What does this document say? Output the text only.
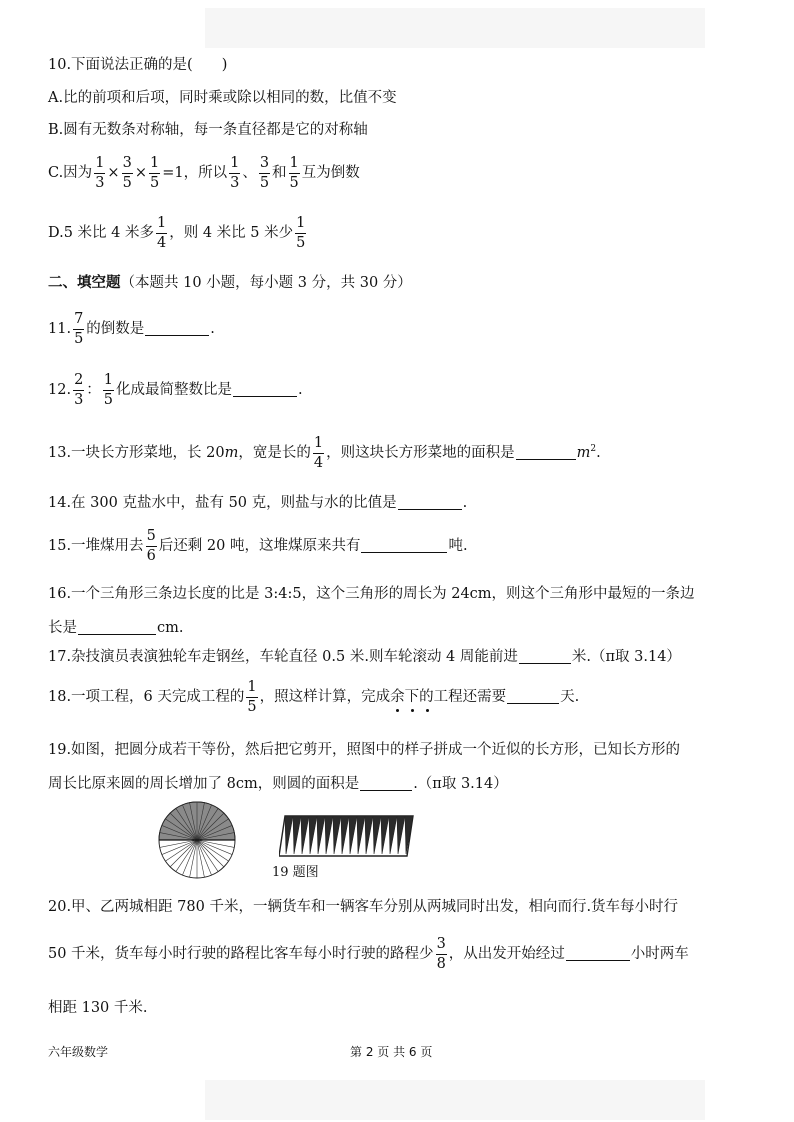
10.下面说法正确的是(　　)
A.比的前项和后项，同时乘或除以相同的数，比值不变
B.圆有无数条对称轴，每一条直径都是它的对称轴
C.因为 $\frac{1}{3} \times \frac{3}{5} \times \frac{1}{5} =1$，所以 $\frac{1}{3}$ 、 $\frac{3}{5}$ 和 $\frac{1}{5}$ 互为倒数
D.5 米比 4 米多 $\frac{1}{4}$ ，则 4 米比 5 米少 $\frac{1}{5}$
二、填空题（本题共 10 小题，每小题 3 分，共 30 分）
11. $\frac{7}{5}$ 的倒数是	.
12. $\frac{2}{3}$ ： $\frac{1}{5}$ 化成最简整数比是	.
13.一块长方形菜地，长 20m，宽是长的 $\frac{1}{4}$ ，则这块长方形菜地的面积是	$m^2$.
14.在 300 克盐水中，盐有 50 克，则盐与水的比值是	.
15.一堆煤用去 $\frac{5}{6}$ 后还剩 20 吨，这堆煤原来共有	吨.
16.一个三角形三条边长度的比是 3:4:5，这个三角形的周长为 24cm，则这个三角形中最短的一条边
长是	cm.
17.杂技演员表演独轮车走钢丝，车轮直径 0.5 米.则车轮滚动 4 周能前进	米.（π取 3.14）
18.一项工程，6 天完成工程的 $\frac{1}{5}$ ，照这样计算，完成余下的
工程还需要	天.
19.如图，把圆分成若干等份，然后把它剪开，照图中的样子拼成一个近似的长方形，已知长方形的
周长比原来圆的周长增加了 8cm，则圆的面积是	.（π取 3.14）
19 题图
20.甲、乙两城相距 780 千米，一辆货车和一辆客车分别从两城同时出发，相向而行.货车每小时行
50 千米，货车每小时行驶的路程比客车每小时行驶的路程少 $\frac{3}{8}$ ，从出发开始经过	小时两车
相距 130 千米.
六年级数学	第 2 页 共 6 页
